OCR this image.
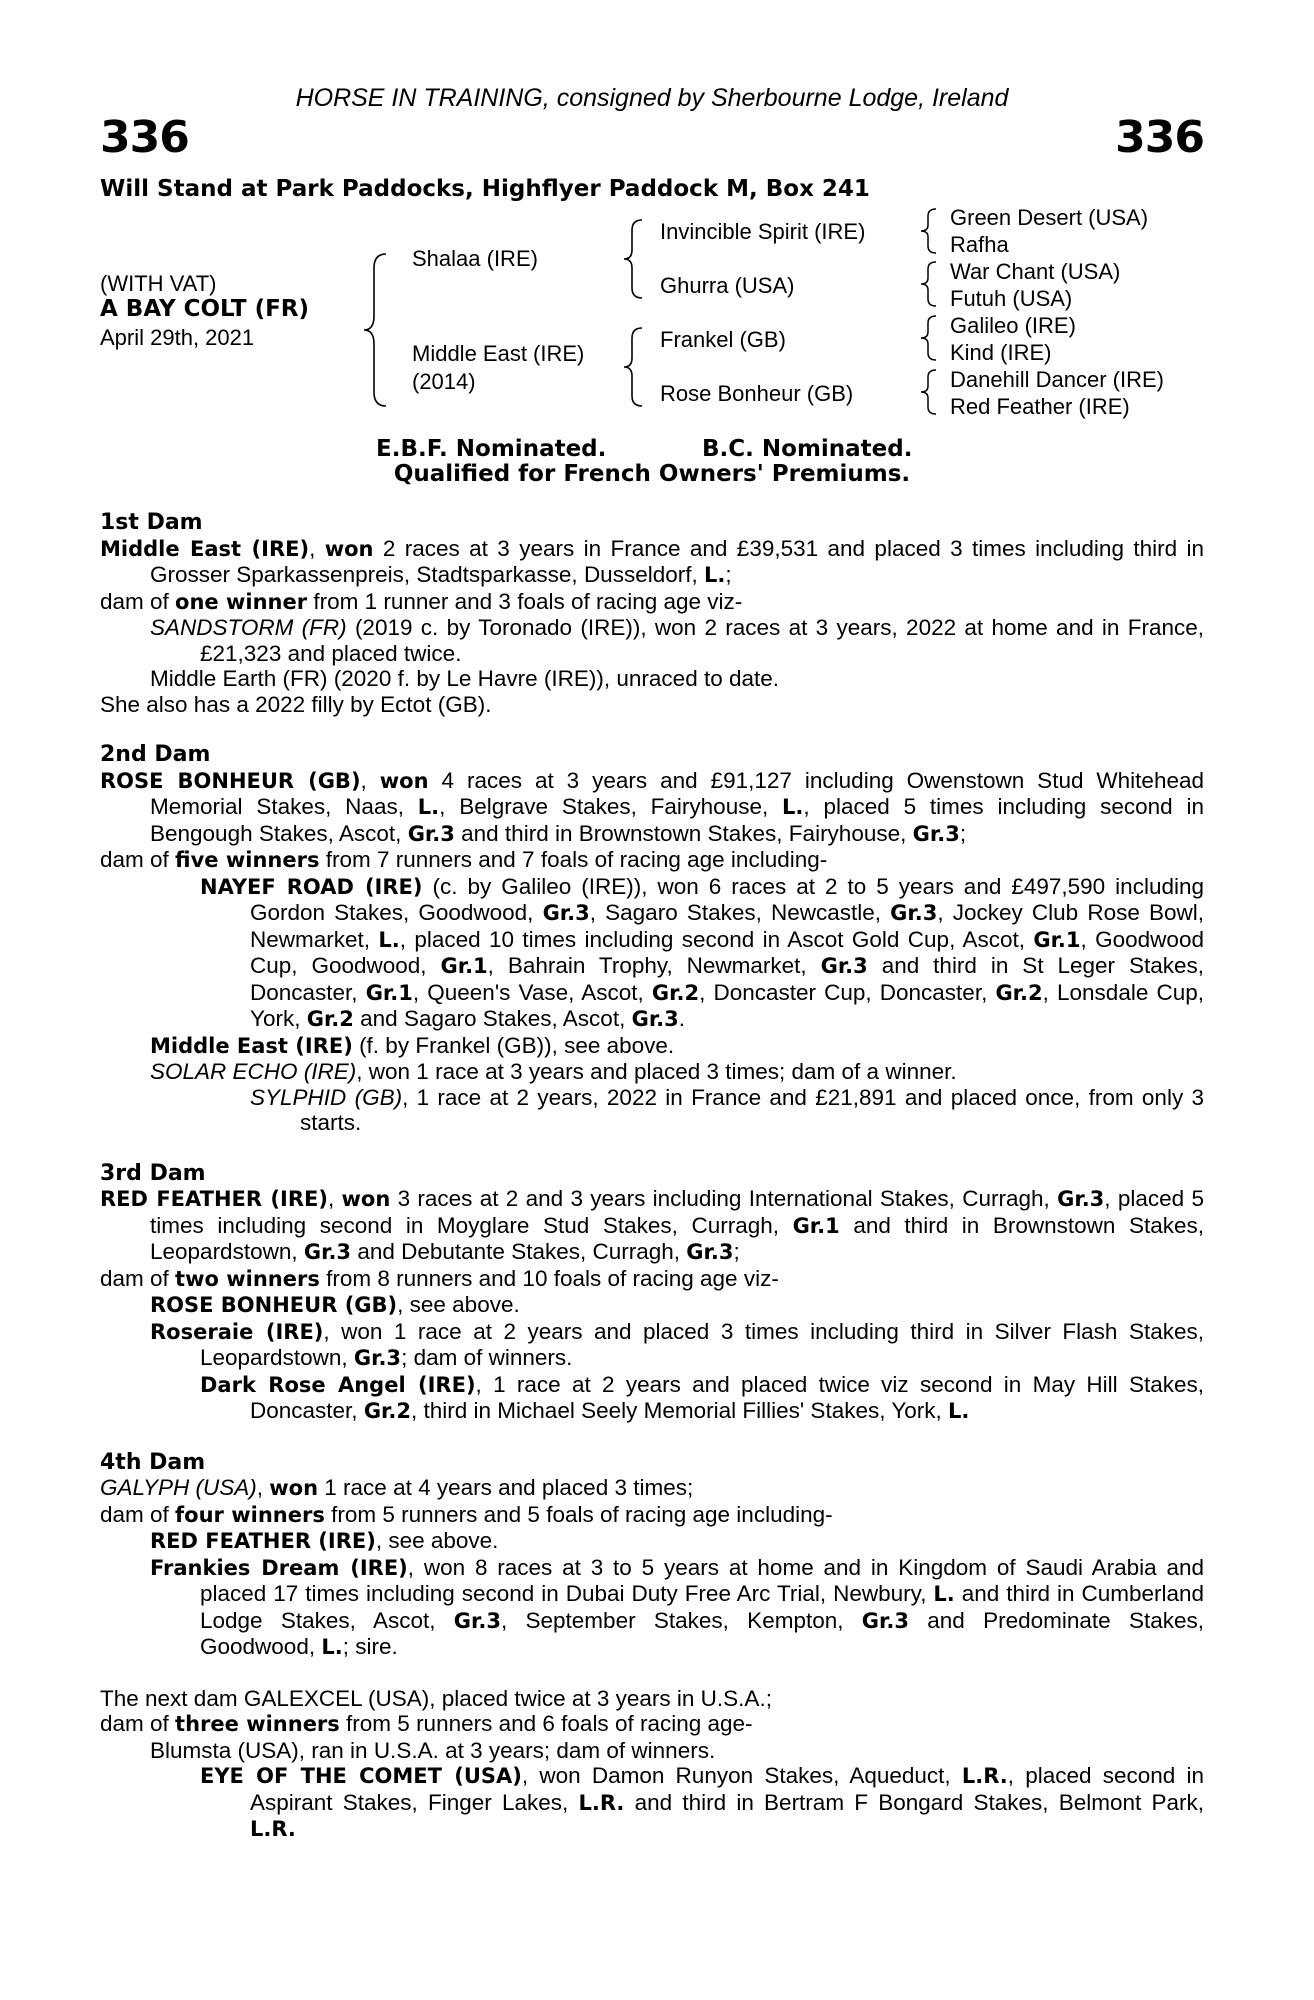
HORSE IN TRAINING, consigned by Sherbourne Lodge, Ireland
336	336
Will Stand at Park Paddocks, Highflyer Paddock M, Box 241
(WITH VAT)
A BAY COLT (FR)
April 29th, 2021
Shalaa (IRE)
Middle East (IRE)
(2014)
Invincible Spirit (IRE)
Ghurra (USA)
Frankel (GB)
Rose Bonheur (GB)
Green Desert (USA)
Rafha
War Chant (USA)
Futuh (USA)
Galileo (IRE)
Kind (IRE)
Danehill Dancer (IRE)
Red Feather (IRE)
E.B.F. Nominated.	B.C. Nominated.
Qualified for French Owners' Premiums.
1st Dam
Middle East (IRE), won 2 races at 3 years in France and £39,531 and placed 3 times including third in Grosser Sparkassenpreis, Stadtsparkasse, Dusseldorf, L.;
dam of one winner from 1 runner and 3 foals of racing age viz-
SANDSTORM (FR) (2019 c. by Toronado (IRE)), won 2 races at 3 years, 2022 at home and in France, £21,323 and placed twice.
Middle Earth (FR) (2020 f. by Le Havre (IRE)), unraced to date.
She also has a 2022 filly by Ectot (GB).
2nd Dam
ROSE BONHEUR (GB), won 4 races at 3 years and £91,127 including Owenstown Stud Whitehead Memorial Stakes, Naas, L., Belgrave Stakes, Fairyhouse, L., placed 5 times including second in Bengough Stakes, Ascot, Gr.3 and third in Brownstown Stakes, Fairyhouse, Gr.3;
dam of five winners from 7 runners and 7 foals of racing age including-
NAYEF ROAD (IRE) (c. by Galileo (IRE)), won 6 races at 2 to 5 years and £497,590 including Gordon Stakes, Goodwood, Gr.3, Sagaro Stakes, Newcastle, Gr.3, Jockey Club Rose Bowl, Newmarket, L., placed 10 times including second in Ascot Gold Cup, Ascot, Gr.1, Goodwood Cup, Goodwood, Gr.1, Bahrain Trophy, Newmarket, Gr.3 and third in St Leger Stakes, Doncaster, Gr.1, Queen's Vase, Ascot, Gr.2, Doncaster Cup, Doncaster, Gr.2, Lonsdale Cup, York, Gr.2 and Sagaro Stakes, Ascot, Gr.3.
Middle East (IRE) (f. by Frankel (GB)), see above.
SOLAR ECHO (IRE), won 1 race at 3 years and placed 3 times; dam of a winner.
SYLPHID (GB), 1 race at 2 years, 2022 in France and £21,891 and placed once, from only 3 starts.
3rd Dam
RED FEATHER (IRE), won 3 races at 2 and 3 years including International Stakes, Curragh, Gr.3, placed 5 times including second in Moyglare Stud Stakes, Curragh, Gr.1 and third in Brownstown Stakes, Leopardstown, Gr.3 and Debutante Stakes, Curragh, Gr.3;
dam of two winners from 8 runners and 10 foals of racing age viz-
ROSE BONHEUR (GB), see above.
Roseraie (IRE), won 1 race at 2 years and placed 3 times including third in Silver Flash Stakes, Leopardstown, Gr.3; dam of winners.
Dark Rose Angel (IRE), 1 race at 2 years and placed twice viz second in May Hill Stakes, Doncaster, Gr.2, third in Michael Seely Memorial Fillies' Stakes, York, L.
4th Dam
GALYPH (USA), won 1 race at 4 years and placed 3 times;
dam of four winners from 5 runners and 5 foals of racing age including-
RED FEATHER (IRE), see above.
Frankies Dream (IRE), won 8 races at 3 to 5 years at home and in Kingdom of Saudi Arabia and placed 17 times including second in Dubai Duty Free Arc Trial, Newbury, L. and third in Cumberland Lodge Stakes, Ascot, Gr.3, September Stakes, Kempton, Gr.3 and Predominate Stakes, Goodwood, L.; sire.
The next dam GALEXCEL (USA), placed twice at 3 years in U.S.A.;
dam of three winners from 5 runners and 6 foals of racing age-
Blumsta (USA), ran in U.S.A. at 3 years; dam of winners.
EYE OF THE COMET (USA), won Damon Runyon Stakes, Aqueduct, L.R., placed second in Aspirant Stakes, Finger Lakes, L.R. and third in Bertram F Bongard Stakes, Belmont Park, L.R.
